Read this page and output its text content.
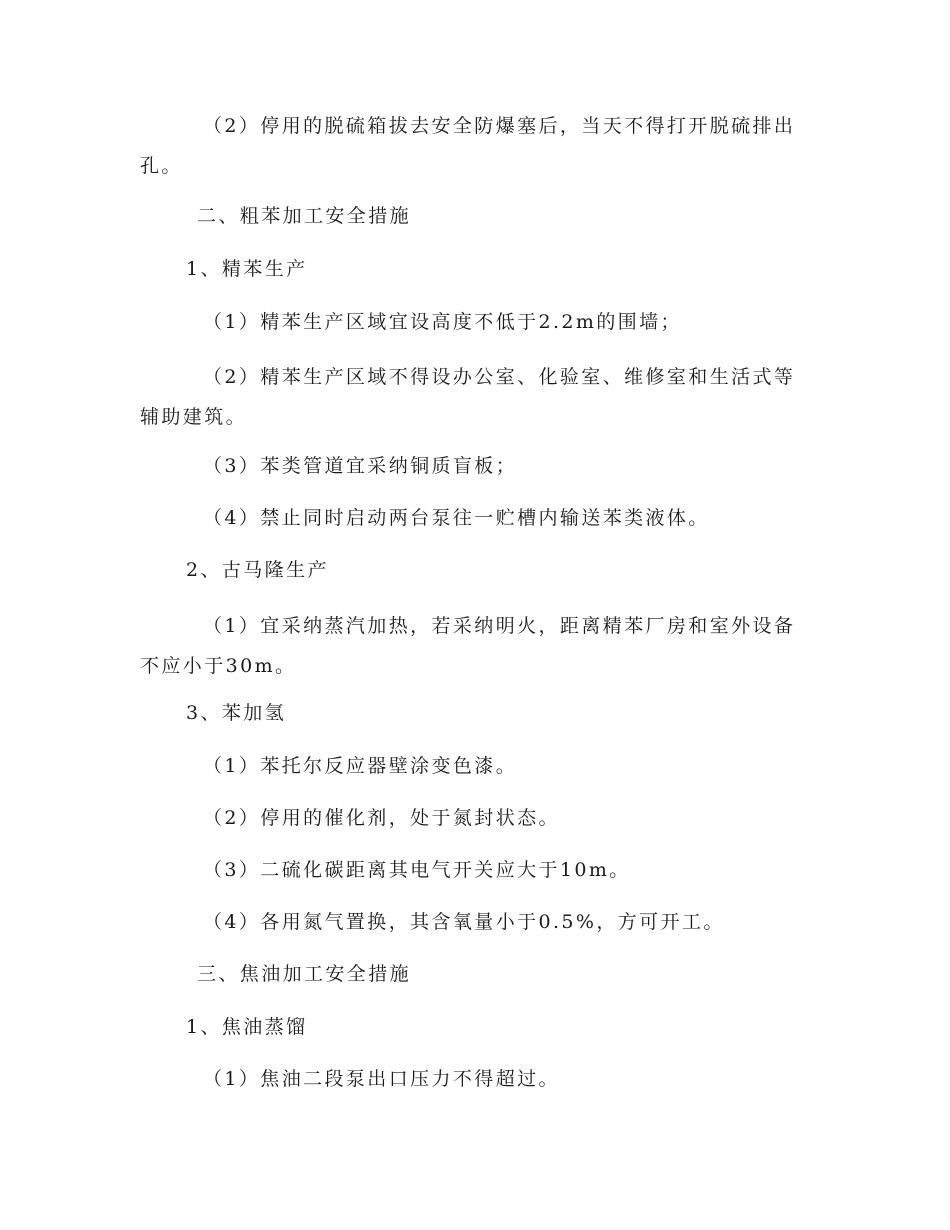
（2）停用的脱硫箱拔去安全防爆塞后，当天不得打开脱硫排出孔。

二、粗苯加工安全措施

1、精苯生产

（1）精苯生产区域宜设高度不低于2.2m的围墙；

（2）精苯生产区域不得设办公室、化验室、维修室和生活式等辅助建筑。

（3）苯类管道宜采纳铜质盲板；

（4）禁止同时启动两台泵往一贮槽内输送苯类液体。

2、古马隆生产

（1）宜采纳蒸汽加热，若采纳明火，距离精苯厂房和室外设备不应小于30m。

3、苯加氢

（1）苯托尔反应器壁涂变色漆。

（2）停用的催化剂，处于氮封状态。

（3）二硫化碳距离其电气开关应大于10m。

（4）各用氮气置换，其含氧量小于0.5%，方可开工。

三、焦油加工安全措施

1、焦油蒸馏

（1）焦油二段泵出口压力不得超过。
